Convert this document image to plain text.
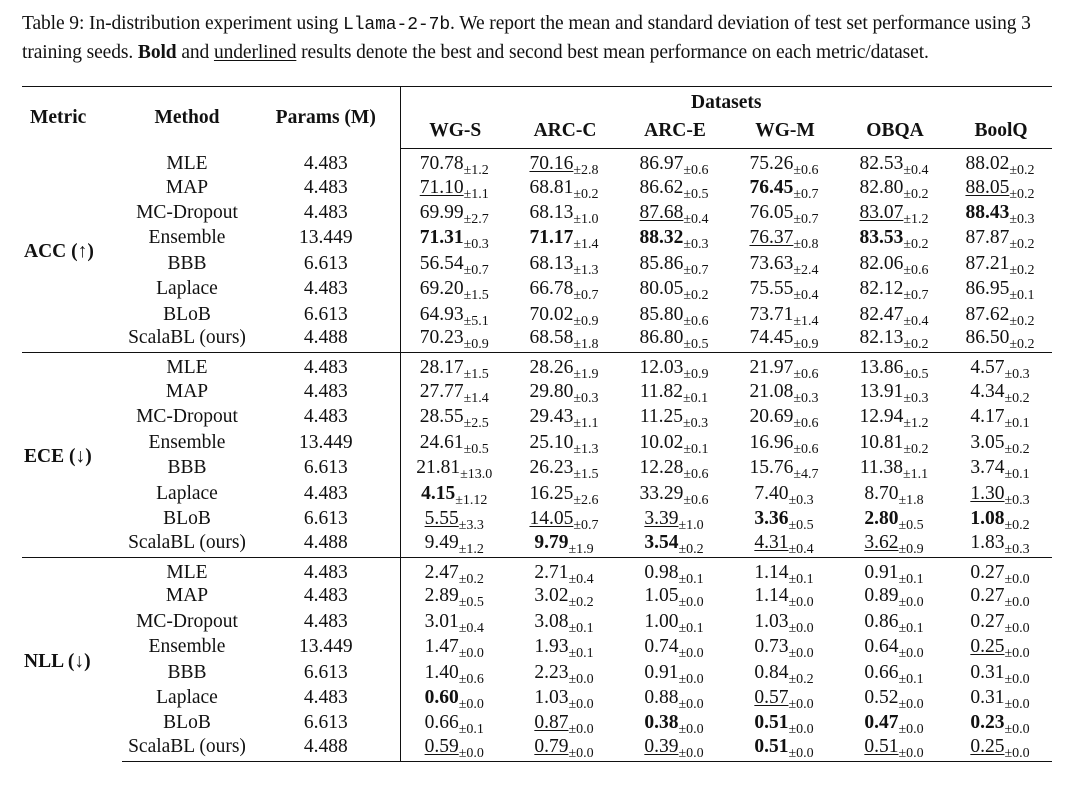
Table 9: In-distribution experiment using Llama-2-7b. We report the mean and standard deviation of test set performance using 3 training seeds. Bold and underlined results denote the best and second best mean performance on each metric/dataset.
Metric	Method	Params (M)	Datasets					
			WG-S	ARC-C	ARC-E	WG-M	OBQA	BoolQ
ACC (↑)	MLE	4.483	$70.78_{\pm 1.2}$	$70.16_{\pm 2.8}$	$86.97_{\pm 0.6}$	$75.26_{\pm 0.6}$	$82.53_{\pm 0.4}$	$88.02_{\pm 0.2}$
	MAP	4.483	$71.10_{\pm 1.1}$	$68.81_{\pm 0.2}$	$86.62_{\pm 0.5}$	$76.45_{\pm 0.7}$	$82.80_{\pm 0.2}$	$88.05_{\pm 0.2}$
	MC-Dropout	4.483	$69.99_{\pm 2.7}$	$68.13_{\pm 1.0}$	$87.68_{\pm 0.4}$	$76.05_{\pm 0.7}$	$83.07_{\pm 1.2}$	$88.43_{\pm 0.3}$
	Ensemble	13.449	$71.31_{\pm 0.3}$	$71.17_{\pm 1.4}$	$88.32_{\pm 0.3}$	$76.37_{\pm 0.8}$	$83.53_{\pm 0.2}$	$87.87_{\pm 0.2}$
	BBB	6.613	$56.54_{\pm 0.7}$	$68.13_{\pm 1.3}$	$85.86_{\pm 0.7}$	$73.63_{\pm 2.4}$	$82.06_{\pm 0.6}$	$87.21_{\pm 0.2}$
	Laplace	4.483	$69.20_{\pm 1.5}$	$66.78_{\pm 0.7}$	$80.05_{\pm 0.2}$	$75.55_{\pm 0.4}$	$82.12_{\pm 0.7}$	$86.95_{\pm 0.1}$
	BLoB	6.613	$64.93_{\pm 5.1}$	$70.02_{\pm 0.9}$	$85.80_{\pm 0.6}$	$73.71_{\pm 1.4}$	$82.47_{\pm 0.4}$	$87.62_{\pm 0.2}$
	ScalaBL (ours)	4.488	$70.23_{\pm 0.9}$	$68.58_{\pm 1.8}$	$86.80_{\pm 0.5}$	$74.45_{\pm 0.9}$	$82.13_{\pm 0.2}$	$86.50_{\pm 0.2}$
ECE (↓)	MLE	4.483	$28.17_{\pm 1.5}$	$28.26_{\pm 1.9}$	$12.03_{\pm 0.9}$	$21.97_{\pm 0.6}$	$13.86_{\pm 0.5}$	$4.57_{\pm 0.3}$
	MAP	4.483	$27.77_{\pm 1.4}$	$29.80_{\pm 0.3}$	$11.82_{\pm 0.1}$	$21.08_{\pm 0.3}$	$13.91_{\pm 0.3}$	$4.34_{\pm 0.2}$
	MC-Dropout	4.483	$28.55_{\pm 2.5}$	$29.43_{\pm 1.1}$	$11.25_{\pm 0.3}$	$20.69_{\pm 0.6}$	$12.94_{\pm 1.2}$	$4.17_{\pm 0.1}$
	Ensemble	13.449	$24.61_{\pm 0.5}$	$25.10_{\pm 1.3}$	$10.02_{\pm 0.1}$	$16.96_{\pm 0.6}$	$10.81_{\pm 0.2}$	$3.05_{\pm 0.2}$
	BBB	6.613	$21.81_{\pm 13.0}$	$26.23_{\pm 1.5}$	$12.28_{\pm 0.6}$	$15.76_{\pm 4.7}$	$11.38_{\pm 1.1}$	$3.74_{\pm 0.1}$
	Laplace	4.483	$4.15_{\pm 1.12}$	$16.25_{\pm 2.6}$	$33.29_{\pm 0.6}$	$7.40_{\pm 0.3}$	$8.70_{\pm 1.8}$	$1.30_{\pm 0.3}$
	BLoB	6.613	$5.55_{\pm 3.3}$	$14.05_{\pm 0.7}$	$3.39_{\pm 1.0}$	$3.36_{\pm 0.5}$	$2.80_{\pm 0.5}$	$1.08_{\pm 0.2}$
	ScalaBL (ours)	4.488	$9.49_{\pm 1.2}$	$9.79_{\pm 1.9}$	$3.54_{\pm 0.2}$	$4.31_{\pm 0.4}$	$3.62_{\pm 0.9}$	$1.83_{\pm 0.3}$
NLL (↓)	MLE	4.483	$2.47_{\pm 0.2}$	$2.71_{\pm 0.4}$	$0.98_{\pm 0.1}$	$1.14_{\pm 0.1}$	$0.91_{\pm 0.1}$	$0.27_{\pm 0.0}$
	MAP	4.483	$2.89_{\pm 0.5}$	$3.02_{\pm 0.2}$	$1.05_{\pm 0.0}$	$1.14_{\pm 0.0}$	$0.89_{\pm 0.0}$	$0.27_{\pm 0.0}$
	MC-Dropout	4.483	$3.01_{\pm 0.4}$	$3.08_{\pm 0.1}$	$1.00_{\pm 0.1}$	$1.03_{\pm 0.0}$	$0.86_{\pm 0.1}$	$0.27_{\pm 0.0}$
	Ensemble	13.449	$1.47_{\pm 0.0}$	$1.93_{\pm 0.1}$	$0.74_{\pm 0.0}$	$0.73_{\pm 0.0}$	$0.64_{\pm 0.0}$	$0.25_{\pm 0.0}$
	BBB	6.613	$1.40_{\pm 0.6}$	$2.23_{\pm 0.0}$	$0.91_{\pm 0.0}$	$0.84_{\pm 0.2}$	$0.66_{\pm 0.1}$	$0.31_{\pm 0.0}$
	Laplace	4.483	$0.60_{\pm 0.0}$	$1.03_{\pm 0.0}$	$0.88_{\pm 0.0}$	$0.57_{\pm 0.0}$	$0.52_{\pm 0.0}$	$0.31_{\pm 0.0}$
	BLoB	6.613	$0.66_{\pm 0.1}$	$0.87_{\pm 0.0}$	$0.38_{\pm 0.0}$	$0.51_{\pm 0.0}$	$0.47_{\pm 0.0}$	$0.23_{\pm 0.0}$
	ScalaBL (ours)	4.488	$0.59_{\pm 0.0}$	$0.79_{\pm 0.0}$	$0.39_{\pm 0.0}$	$0.51_{\pm 0.0}$	$0.51_{\pm 0.0}$	$0.25_{\pm 0.0}$
